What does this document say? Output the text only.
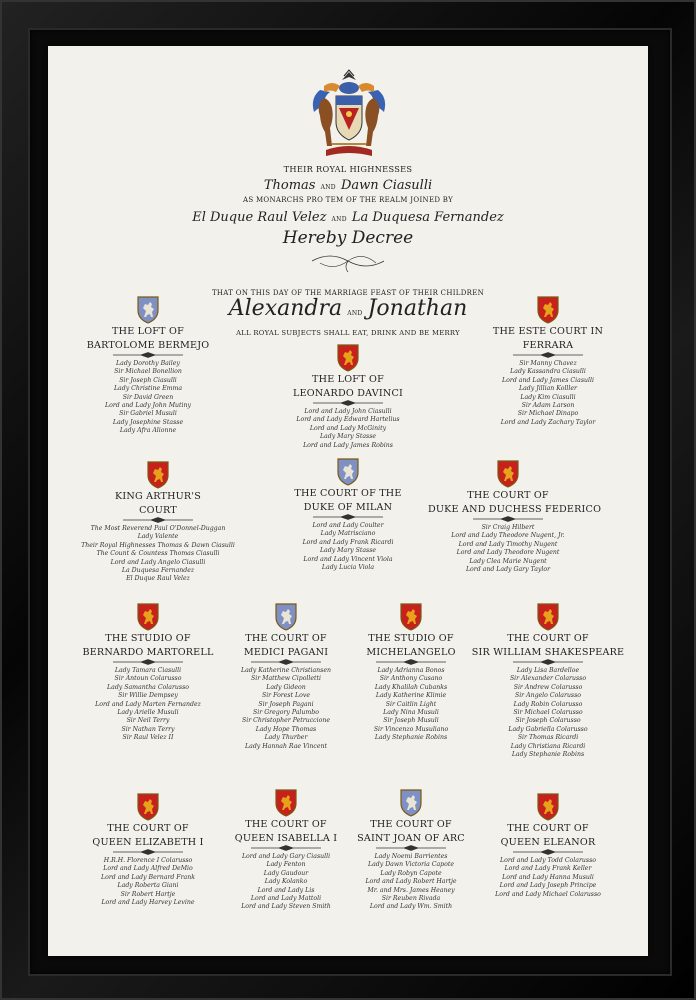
THEIR ROYAL HIGHNESSES
Thomas AND Dawn Ciasulli
AS MONARCHS PRO TEM OF THE REALM JOINED BY
El Duque Raul Velez AND La Duquesa Fernandez
Hereby Decree
THAT ON THIS DAY OF THE MARRIAGE FEAST OF THEIR CHILDREN
Alexandra AND Jonathan
ALL ROYAL SUBJECTS SHALL EAT, DRINK AND BE MERRY
THE LOFT OF
BARTOLOME BERMEJO
Lady Dorothy Bailey
Sir Michael Bonellion
Sir Joseph Ciasulli
Lady Christine Emma
Sir David Green
Lord and Lady John Mutiny
Sir Gabriel Musuli
Lady Josephine Stasse
Lady Afra Alionne
THE LOFT OF
LEONARDO DAVINCI
Lord and Lady John Ciasulli
Lord and Lady Edward Hartelius
Lord and Lady McGinity
Lady Mary Stasse
Lord and Lady James Robins
THE ESTE COURT IN
FERRARA
Sir Manny Chavez
Lady Kassandra Ciasulli
Lord and Lady James Ciasulli
Lady Jillian Kolller
Lady Kim Ciasulli
Sir Adam Larson
Sir Michael Dinapo
Lord and Lady Zachary Taylor
KING ARTHUR'S
COURT
The Most Reverend Paul O'Donnel-Duggan
Lady Valente
Their Royal Highnesses Thomas & Dawn Ciasulli
The Count & Countess Thomas Ciasulli
Lord and Lady Angelo Ciasulli
La Duquesa Fernandez
El Duque Raul Velez
THE COURT OF THE
DUKE OF MILAN
Lord and Lady Coulter
Lady Matrisciano
Lord and Lady Frank Ricardi
Lady Mary Stasse
Lord and Lady Vincent Viola
Lady Lucia Viola
THE COURT OF
DUKE AND DUCHESS FEDERICO
Sir Craig Hilbert
Lord and Lady Theodore Nugent, Jr.
Lord and Lady Timothy Nugent
Lord and Lady Theodore Nugent
Lady Clea Marie Nugent
Lord and Lady Gary Taylor
THE STUDIO OF
BERNARDO MARTORELL
Lady Tamara Ciasulli
Sir Antoun Colarusso
Lady Samantha Colarusso
Sir Willie Dempsey
Lord and Lady Marten Fernandez
Lady Arielle Musuli
Sir Neil Terry
Sir Nathan Terry
Sir Raul Velez II
THE COURT OF
MEDICI PAGANI
Lady Katherine Christiansen
Sir Matthew Cipolletti
Lady Gideon
Sir Forest Love
Sir Joseph Pagani
Sir Gregory Palumbo
Sir Christopher Petruccione
Lady Hope Thomas
Lady Thurber
Lady Hannah Rae Vincent
THE STUDIO OF
MICHELANGELO
Lady Adrianna Bonos
Sir Anthony Cusano
Lady Khalilah Cubanks
Lady Katherine Klimie
Sir Caitlin Light
Lady Nina Musuli
Sir Joseph Musuli
Sir Vincenzo Musuliano
Lady Stephanie Robins
THE COURT OF
SIR WILLIAM SHAKESPEARE
Lady Lisa Bardelloe
Sir Alexander Colarusso
Sir Andrew Colarusso
Sir Angelo Colarusso
Lady Robin Colarusso
Sir Michael Colarusso
Sir Joseph Colarusso
Lady Gabriella Colarusso
Sir Thomas Ricardi
Lady Christiana Ricardi
Lady Stephanie Robins
THE COURT OF
QUEEN ELIZABETH I
H.R.H. Florence I Colarusso
Lord and Lady Alfred DeMio
Lord and Lady Bernard Frank
Lady Roberta Giani
Sir Robert Hartje
Lord and Lady Harvey Levine
THE COURT OF
QUEEN ISABELLA I
Lord and Lady Gary Ciasulli
Lady Fenton
Lady Gaudour
Lady Kolanko
Lord and Lady Lis
Lord and Lady Mattoli
Lord and Lady Steven Smith
THE COURT OF
SAINT JOAN OF ARC
Lady Noemi Barrientes
Lady Dawn Victoria Capote
Lady Robyn Capote
Lord and Lady Robert Hartje
Mr. and Mrs. James Heaney
Sir Reuben Rivada
Lord and Lady Wm. Smith
THE COURT OF
QUEEN ELEANOR
Lord and Lady Todd Colarusso
Lord and Lady Frank Keller
Lord and Lady Hanna Musuli
Lord and Lady Joseph Principe
Lord and Lady Michael Colarusso
